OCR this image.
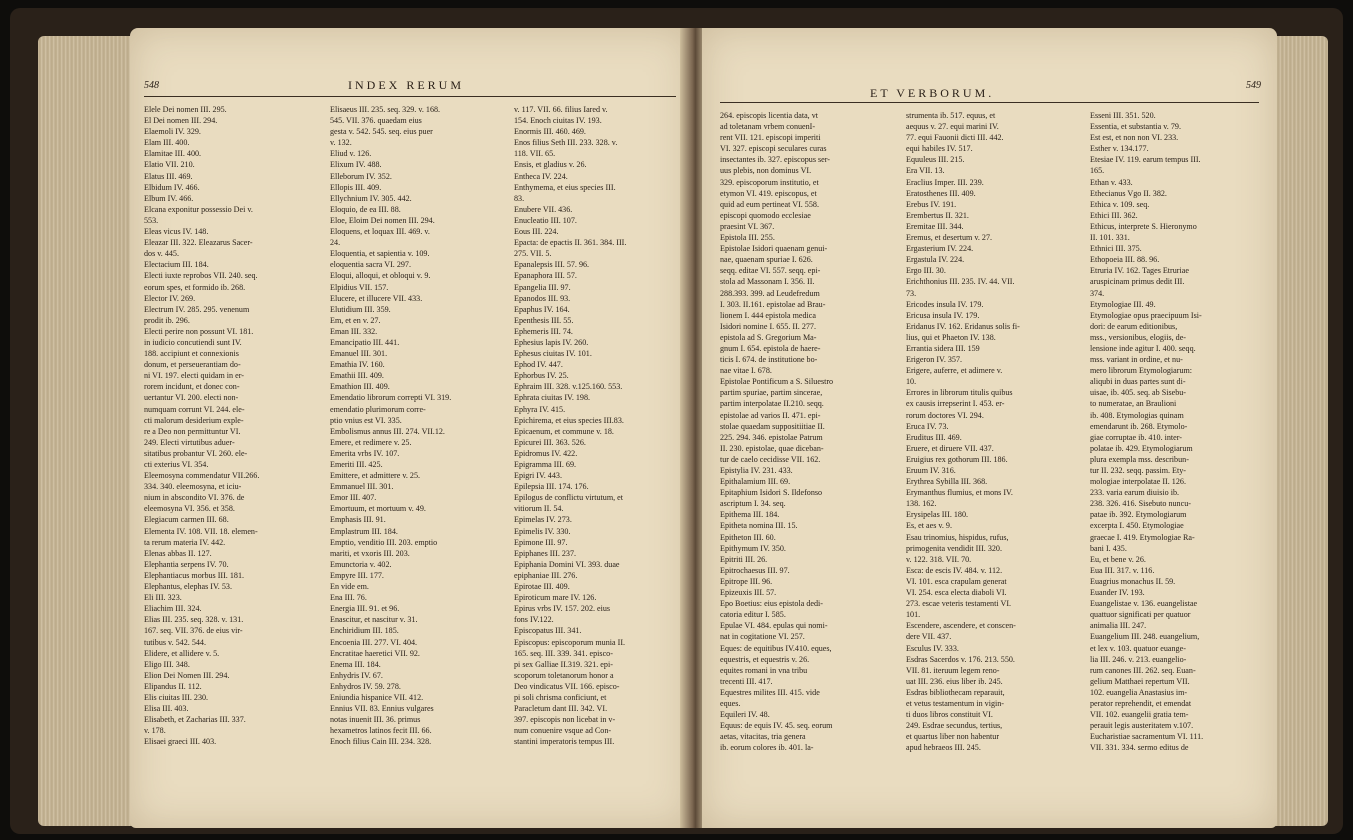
548	INDEX RERUM
Elele Dei nomen III. 295.
El Dei nomen III. 294.
Elaemoli IV. 329.
Elam III. 400.
Elamitae III. 400.
Elatio VII. 210.
Elatus III. 469.
Elbidum IV. 466.
Elbum IV. 466.
Elcana exponitur possessio Dei v.
553.
Eleas vicus IV. 148.
Eleazar III. 322. Eleazarus Sacer-
dos v. 445.
Electacium III. 184.
Electi iuxte reprobos VII. 240. seq.
eorum spes, et formido ib. 268.
Elector IV. 269.
Electrum IV. 285. 295. venenum
prodit ib. 296.
Electi perire non possunt VI. 181.
in iudicio concutiendi sunt IV.
188. accipiunt et connexionis
donum, et perseuerantiam do-
ni VI. 197. electi quidam in er-
rorem incidunt, et donec con-
uertantur VI. 200. electi non-
numquam corrunt VI. 244. ele-
cti malorum desiderium exple-
re a Deo non permittuntur VI.
249. Electi virtutibus aduer-
sitatibus probantur VI. 260. ele-
cti exterius VI. 354.
Eleemosyna commendatur VII.266.
334. 340. eleemosyna, et iciu-
nium in abscondito VI. 376. de
eleemosyna VI. 356. et 358.
Elegiacum carmen III. 68.
Elementa IV. 108. VII. 18. elemen-
ta rerum materia IV. 442.
Elenas abbas II. 127.
Elephantia serpens IV. 70.
Elephantiacus morbus III. 181.
Elephantus, elephas IV. 53.
Eli III. 323.
Eliachim III. 324.
Elias III. 235. seq. 328. v. 131.
167. seq. VII. 376. de eius vir-
tutibus v. 542. 544.
Elidere, et allidere v. 5.
Eligo III. 348.
Elion Dei Nomen III. 294.
Elipandus II. 112.
Elis ciuitas III. 230.
Elisa III. 403.
Elisabeth, et Zacharias III. 337.
v. 178.
Elisaei graeci III. 403.
Elisaeus III. 235. seq. 329. v. 168.
545. VII. 376. quaedam eius
gesta v. 542. 545. seq. eius puer
v. 132.
Eliud v. 126.
Elixum IV. 488.
Elleborum IV. 352.
Ellopis III. 409.
Ellychnium IV. 305. 442.
Eloquio, de ea III. 88.
Eloe, Eloim Dei nomen III. 294.
Eloquens, et loquax III. 469. v.
24.
Eloquentia, et sapientia v. 109.
eloquentia sacra VI. 297.
Eloqui, alloqui, et obloqui v. 9.
Elpidius VII. 157.
Elucere, et illucere VII. 433.
Elutidium III. 359.
Em, et en v. 27.
Eman III. 332.
Emancipatio III. 441.
Emanuel III. 301.
Emathia IV. 160.
Emathii III. 409.
Emathion III. 409.
Emendatio librorum correpti VI. 319.
emendatio plurimorum corre-
ptio vnius est VI. 335.
Embolismus annus III. 274. VII.12.
Emere, et redimere v. 25.
Emerita vrbs IV. 107.
Emeriti III. 425.
Emittere, et admittere v. 25.
Emmanuel III. 301.
Emor III. 407.
Emortuum, et mortuum v. 49.
Emphasis III. 91.
Emplastrum III. 184.
Emptio, venditio III. 203. emptio
mariti, et vxoris III. 203.
Emunctoria v. 402.
Empyre III. 177.
En vide em.
Ena III. 76.
Energia III. 91. et 96.
Enascitur, et nascitur v. 31.
Enchiridium III. 185.
Encoenia III. 277. VI. 404.
Encratitae haeretici VII. 92.
Enema III. 184.
Enhydris IV. 67.
Enhydros IV. 59. 278.
Eniundia hispanice VII. 412.
Ennius VII. 83. Ennius vulgares
notas inuenit III. 36. primus
hexametros latinos fecit III. 66.
Enoch filius Cain III. 234. 328.
v. 117. VII. 66. filius Iared v.
154. Enoch ciuitas IV. 193.
Enormis III. 460. 469.
Enos filius Seth III. 233. 328. v.
118. VII. 65.
Ensis, et gladius v. 26.
Entheca IV. 224.
Enthymema, et eius species III.
83.
Enubere VII. 436.
Enucleatio III. 107.
Eous III. 224.
Epacta: de epactis II. 361. 384. III.
275. VII. 5.
Epanalepsis III. 57. 96.
Epanaphora III. 57.
Epangelia III. 97.
Epanodos III. 93.
Epaphus IV. 164.
Epenthesis III. 55.
Ephemeris III. 74.
Ephesius lapis IV. 260.
Ephesus ciuitas IV. 101.
Ephod IV. 447.
Ephorbus IV. 25.
Ephraim III. 328. v.125.160. 553.
Ephrata ciuitas IV. 198.
Ephyra IV. 415.
Epichirema, et eius species III.83.
Epicaenum, et commune v. 18.
Epicurei III. 363. 526.
Epidromus IV. 422.
Epigramma III. 69.
Epigri IV. 443.
Epilepsia III. 174. 176.
Epilogus de conflictu virtutum, et
vitiorum II. 54.
Epimelas IV. 273.
Epimelis IV. 330.
Epimone III. 97.
Epiphanes III. 237.
Epiphania Domini VI. 393. duae
epiphaniae III. 276.
Epirotae III. 409.
Epiroticum mare IV. 126.
Epirus vrbs IV. 157. 202. eius
fons IV.122.
Episcopatus III. 341.
Episcopus: episcoporum munia II.
165. seq. III. 339. 341. episco-
pi sex Galliae II.319. 321. epi-
scoporum toletanorum honor a
Deo vindicatus VII. 166. episco-
pi soli chrisma conficiunt, et
Paracletum dant III. 342. VI.
397. episcopis non licebat in v-
num conuenire vsque ad Con-
stantini imperatoris tempus III.
549
ET VERBORUM.
264. episcopis licentia data, vt
ad toletanam vrbem conuenI-
rent VII. 121. episcopi imperiti
VI. 327. episcopi seculares curas
insectantes ib. 327. episcopus ser-
uus plebis, non dominus VI.
329. episcoporum institutio, et
etymon VI. 419. episcopus, et
quid ad eum pertineat VI. 558.
episcopi quomodo ecclesiae
praesint VI. 367.
Epistola III. 255.
Epistolae Isidori quaenam genui-
nae, quaenam spuriae I. 626.
seqq. editae VI. 557. seqq. epi-
stola ad Massonam I. 356. II.
288.393. 399. ad Leudefredum
I. 303. II.161. epistolae ad Brau-
lionem I. 444 epistola medica
Isidori nomine I. 655. II. 277.
epistola ad S. Gregorium Ma-
gnum I. 654. epistola de haere-
ticis I. 674. de institutione bo-
nae vitae I. 678.
Epistolae Pontificum a S. Siluestro
partim spuriae, partim sincerae,
partim interpolatae II.210. seqq.
epistolae ad varios II. 471. epi-
stolae quaedam suppositiitiae II.
225. 294. 346. epistolae Patrum
II. 230. epistolae, quae diceban-
tur de caelo cecidisse VII. 162.
Epistylia IV. 231. 433.
Epithalamium III. 69.
Epitaphium Isidori S. Ildefonso
ascriptum I. 34. seq.
Epithema III. 184.
Epitheta nomina III. 15.
Epitheton III. 60.
Epithymum IV. 350.
Epitriti III. 26.
Epitrochaesus III. 97.
Epitrope III. 96.
Epizeuxis III. 57.
Epo Boetius: eius epistola dedi-
catoria editur I. 585.
Epulae VI. 484. epulas qui nomi-
nat in cogitatione VI. 257.
Eques: de equitibus IV.410. eques,
equestris, et equestris v. 26.
equites romani in vna tribu
trecenti III. 417.
Equestres milites III. 415. vide
eques.
Equileri IV. 48.
Equus: de equis IV. 45. seq. eorum
aetas, vitacitas, tria genera
ib. eorum colores ib. 401. la-
strumenta ib. 517. equus, et
aequus v. 27. equi marini IV.
77. equi Fauonii dicti III. 442.
equi habiles IV. 517.
Equuleus III. 215.
Era VII. 13.
Eraclius Imper. III. 239.
Eratosthenes III. 409.
Erebus IV. 191.
Erembertus II. 321.
Eremitae III. 344.
Eremus, et desertum v. 27.
Ergasterium IV. 224.
Ergastula IV. 224.
Ergo III. 30.
Erichthonius III. 235. IV. 44. VII.
73.
Ericodes insula IV. 179.
Ericusa insula IV. 179.
Eridanus IV. 162. Eridanus solis fi-
lius, qui et Phaeton IV. 138.
Errantia sidera III. 159
Erigeron IV. 357.
Erigere, auferre, et adimere v.
10.
Errores in librorum titulis quibus
ex causis irrepserint I. 453. er-
rorum doctores VI. 294.
Eruca IV. 73.
Eruditus III. 469.
Eruere, et diruere VII. 437.
Eruigius rex gothorum III. 186.
Eruum IV. 316.
Erythrea Sybilla III. 368.
Erymanthus flumius, et mons IV.
138. 162.
Erysipelas III. 180.
Es, et aes v. 9.
Esau trinomius, hispidus, rufus,
primogenita vendidit III. 320.
v. 122. 318. VII. 70.
Esca: de escis IV. 484. v. 112.
VI. 101. esca crapulam generat
VI. 254. esca electa diaboli VI.
273. escae veteris testamenti VI.
101.
Escendere, ascendere, et conscen-
dere VII. 437.
Esculus IV. 333.
Esdras Sacerdos v. 176. 213. 550.
VII. 81. iteruum legem reno-
uat III. 236. eius liber ib. 245.
Esdras bibliothecam reparauit,
et vetus testamentum in vigin-
ti duos libros constituit VI.
249. Esdrae secundus, tertius,
et quartus liber non habentur
apud hebraeos III. 245.
Esseni III. 351. 520.
Essentia, et substantia v. 79.
Est est, et non non VI. 233.
Esther v. 134.177.
Etesiae IV. 119. earum tempus III.
165.
Ethan v. 433.
Ethecianus Vgo II. 382.
Ethica v. 109. seq.
Ethici III. 362.
Ethicus, interprete S. Hieronymo
II. 101. 331.
Ethnici III. 375.
Ethopoeia III. 88. 96.
Etruria IV. 162. Tages Etruriae
aruspicinam primus dedit III.
374.
Etymologiae III. 49.
Etymologiae opus praecipuum Isi-
dori: de earum editionibus,
mss., versionibus, elogiis, de-
lensione inde agitur I. 400. seqq.
mss. variant in ordine, et nu-
mero librorum Etymologiarum:
aliqubi in duas partes sunt di-
uisae, ib. 405. seq. ab Sisebu-
to numeratae, an Braulioni
ib. 408. Etymologias quinam
emendarunt ib. 268. Etymolo-
giae corruptae ib. 410. inter-
polatae ib. 429. Etymologiarum
plura exempla mss. describun-
tur II. 232. seqq. passim. Ety-
mologiae interpolatae II. 126.
233. varia earum diuisio ib.
238. 326. 416. Sisebuto nuncu-
patae ib. 392. Etymologiarum
excerpta I. 450. Etymologiae
graecae I. 419. Etymologiae Ra-
bani I. 435.
Eu, et bene v. 26.
Eua III. 317. v. 116.
Euagrius monachus II. 59.
Euander IV. 193.
Euangelistae v. 136. euangelistae
quattuor significati per quatuor
animalia III. 247.
Euangelium III. 248. euangelium,
et lex v. 103. quatuor euange-
lia III. 246. v. 213. euangelio-
rum canones III. 262. seq. Euan-
gelium Matthaei repertum VII.
102. euangelia Anastasius im-
perator reprehendit, et emendat
VII. 102. euangelii gratia tem-
perauit legis austeritatem v.107.
Eucharistiae sacramentum VI. 111.
VII. 331. 334. sermo editus de
